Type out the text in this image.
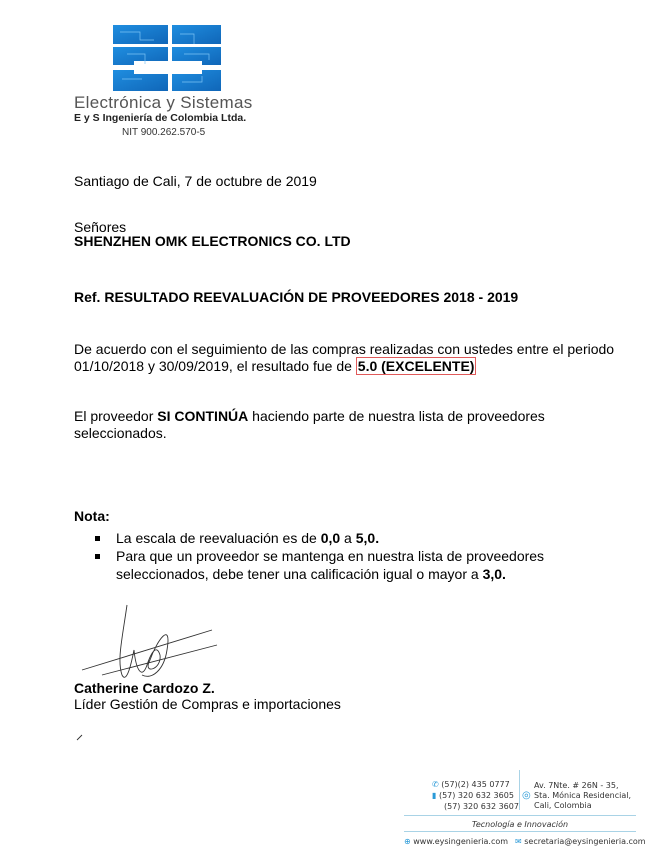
Electrónica y Sistemas
E y S Ingeniería de Colombia Ltda.
NIT 900.262.570-5
Santiago de Cali, 7 de octubre de 2019
Señores
SHENZHEN OMK ELECTRONICS CO. LTD
Ref. RESULTADO REEVALUACIÓN DE PROVEEDORES 2018 - 2019
De acuerdo con el seguimiento de las compras realizadas con ustedes entre el periodo
01/10/2018 y 30/09/2019, el resultado fue de 5.0 (EXCELENTE)
El proveedor SI CONTINÚA haciendo parte de nuestra lista de proveedores
seleccionados.
Nota:
La escala de reevaluación es de 0,0 a 5,0.
Para que un proveedor se mantenga en nuestra lista de proveedores
seleccionados, debe tener una calificación igual o mayor a 3,0.
Catherine Cardozo Z.
Líder Gestión de Compras e importaciones
✆ (57)(2) 435 0777
▮ (57) 320 632 3605
(57) 320 632 3607
◎
Av. 7Nte. # 26N - 35,
Sta. Mónica Residencial,
Cali, Colombia
Tecnología e Innovación
⊕ www.eysingenieria.com ✉ secretaria@eysingenieria.com
